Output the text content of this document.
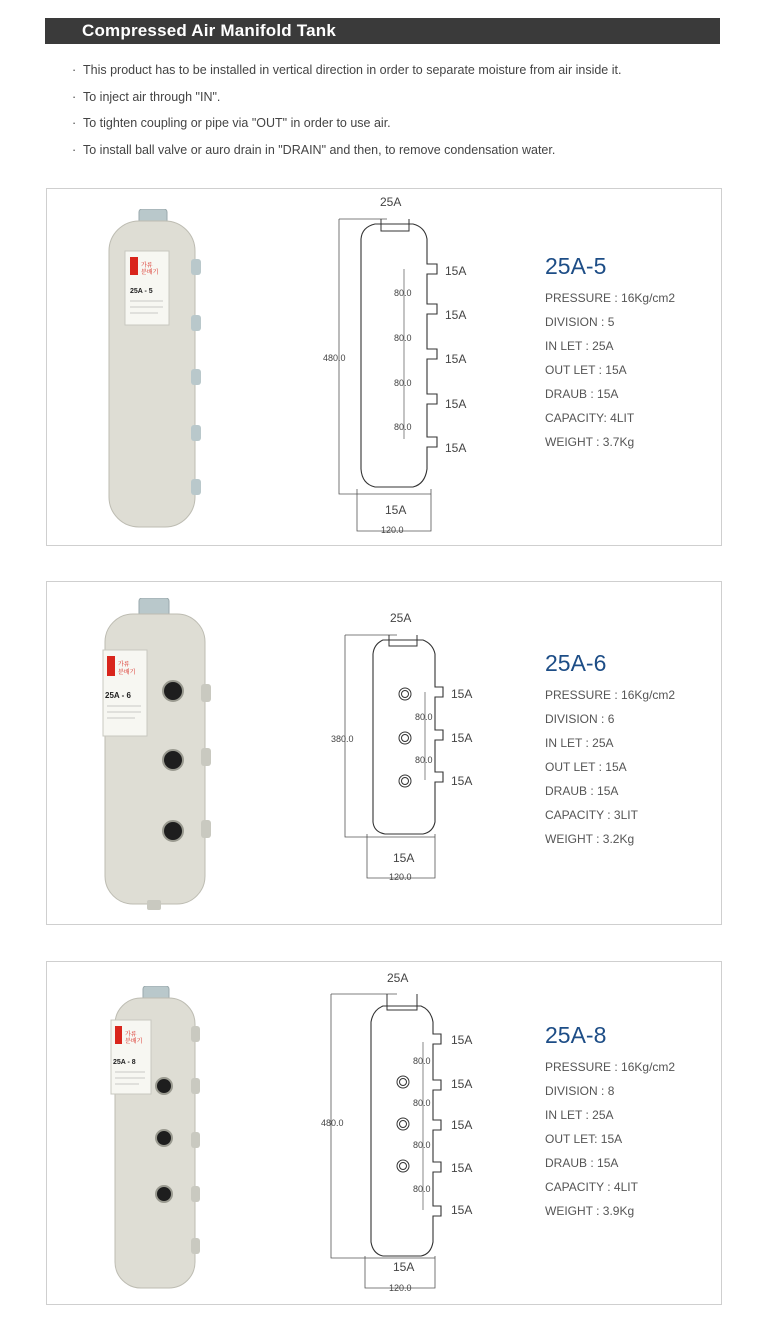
Compressed Air Manifold Tank
· This product has to be installed in vertical direction in order to separate moisture from air inside it.
· To inject air through "IN".
· To tighten coupling or pipe via "OUT" in order to use air.
· To install ball valve or auro drain in "DRAIN" and then, to remove condensation water.
가류
분배기
25A - 5
25A
80.0
80.0
80.0
80.0
15A
15A
15A
15A
15A
480.0
15A
120.0
25A-5
PRESSURE : 16Kg/cm2
DIVISION : 5
IN LET : 25A
OUT LET : 15A
DRAUB : 15A
CAPACITY: 4LIT
WEIGHT : 3.7Kg
가류
분배기
25A - 6
25A
80.0
80.0
15A
15A
15A
380.0
15A
120.0
25A-6
PRESSURE : 16Kg/cm2
DIVISION : 6
IN LET : 25A
OUT LET : 15A
DRAUB : 15A
CAPACITY : 3LIT
WEIGHT : 3.2Kg
가류
분배기
25A - 8
25A
80.0
80.0
80.0
80.0
15A
15A
15A
15A
15A
480.0
15A
120.0
25A-8
PRESSURE : 16Kg/cm2
DIVISION : 8
IN LET : 25A
OUT LET: 15A
DRAUB : 15A
CAPACITY : 4LIT
WEIGHT : 3.9Kg
